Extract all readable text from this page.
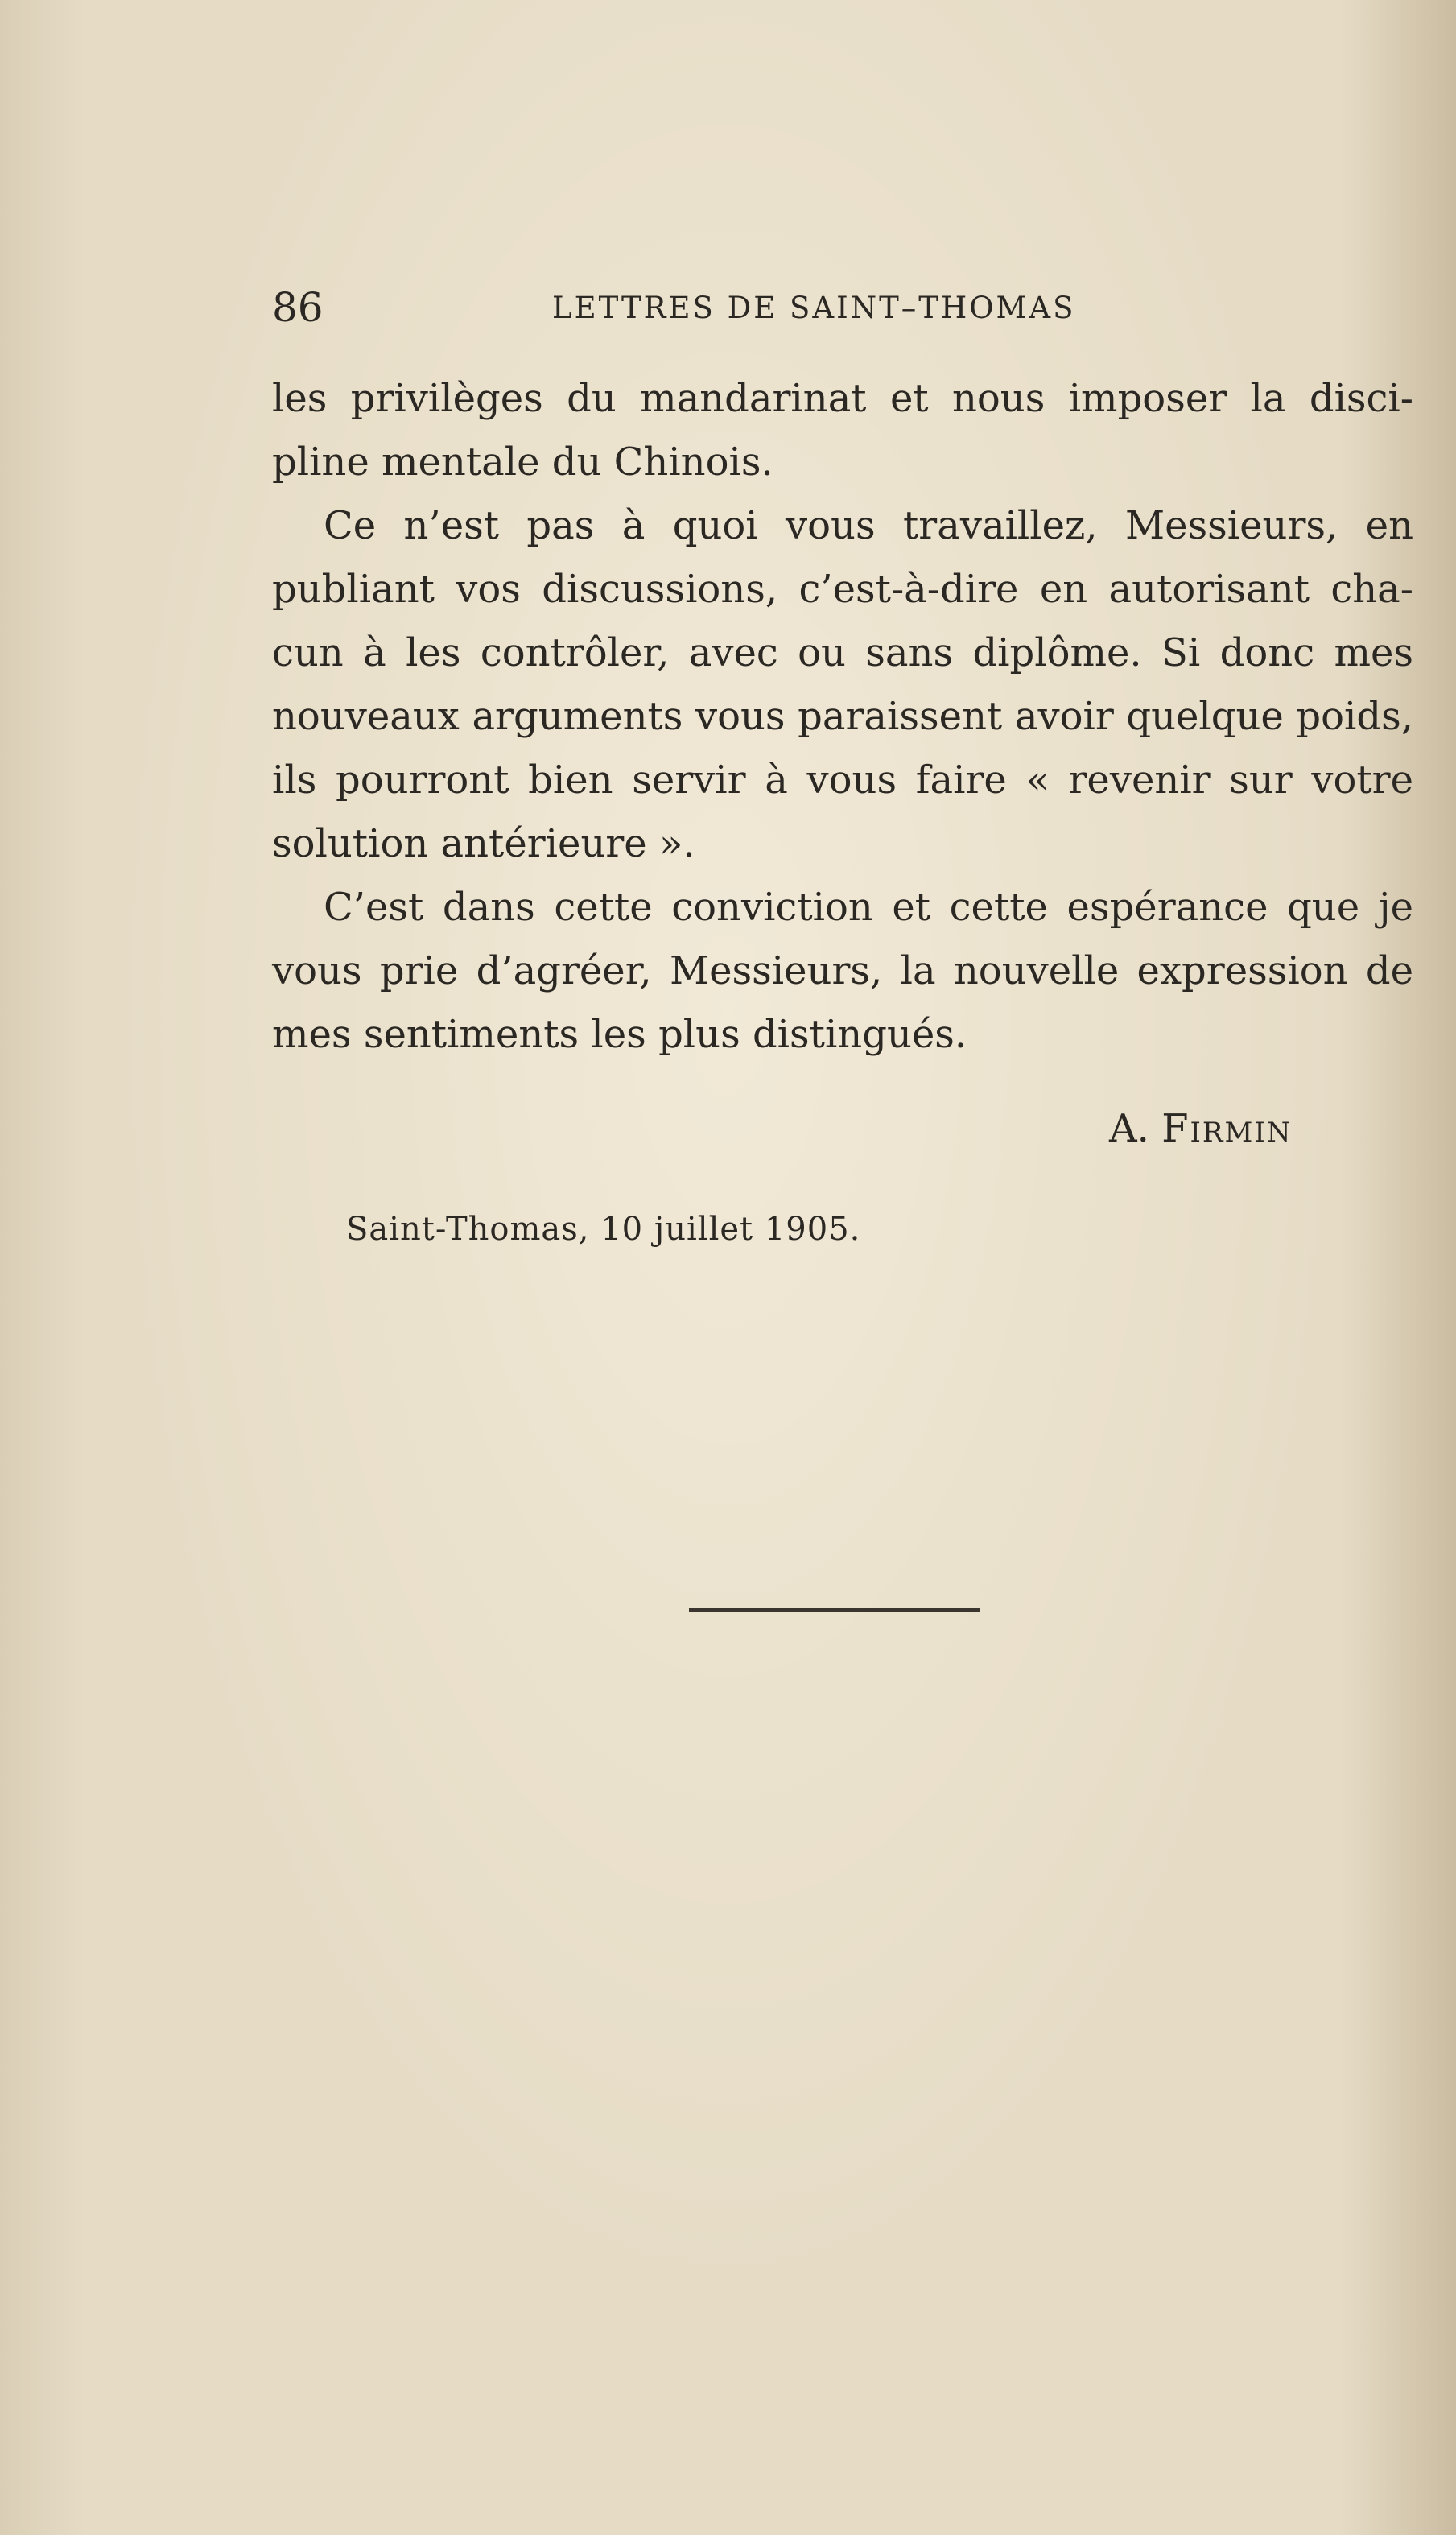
86	LETTRES DE SAINT–THOMAS

les privilèges du mandarinat et nous imposer la disci-pline mentale du Chinois.

Ce n’est pas à quoi vous travaillez, Messieurs, en publiant vos discussions, c’est-à-dire en autorisant cha-cun à les contrôler, avec ou sans diplôme. Si donc mes nouveaux arguments vous paraissent avoir quelque poids, ils pourront bien servir à vous faire « revenir sur votre solution antérieure ».

C’est dans cette conviction et cette espérance que je vous prie d’agréer, Messieurs, la nouvelle expression de mes sentiments les plus distingués.

A. Firmin
Saint-Thomas, 10 juillet 1905.
